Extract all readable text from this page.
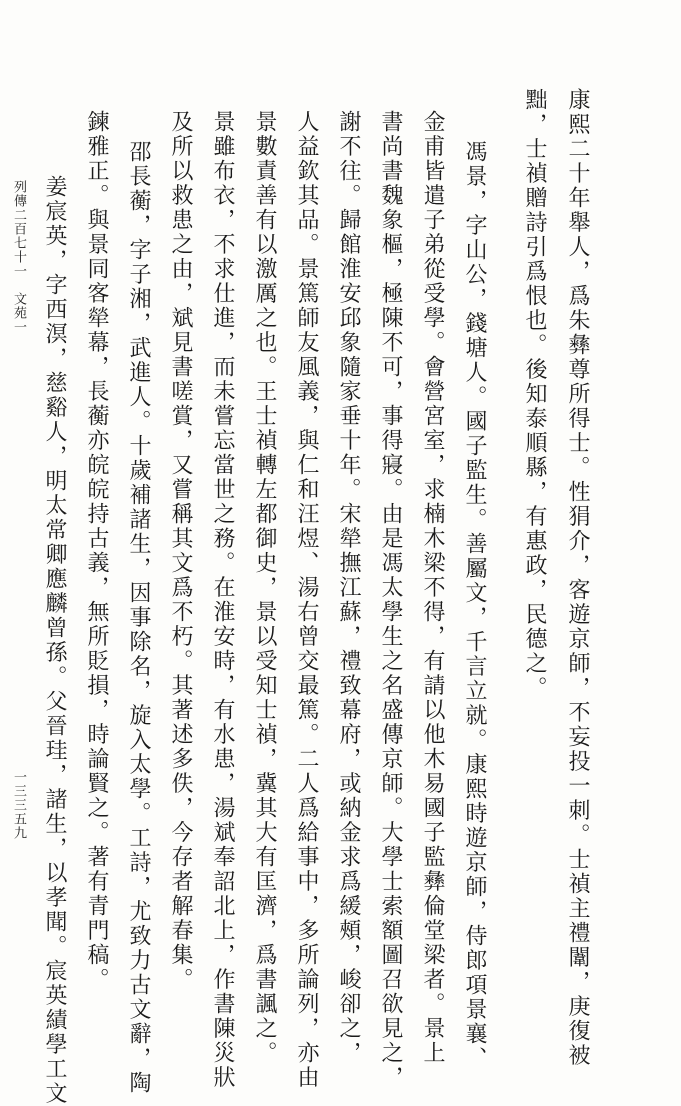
康熙二十年舉人，爲朱彝尊所得士。性狷介，客遊京師，不妄投一刺。士禎主禮闈，庚復被
黜，士禎贈詩引爲恨也。後知泰順縣，有惠政，民德之。
馮景，字山公，錢塘人。國子監生。善屬文，千言立就。康熙時遊京師，侍郎項景襄、
金甫皆遣子弟從受學。會營宮室，求楠木梁不得，有請以他木易國子監彝倫堂梁者。景上
書尚書魏象樞，極陳不可，事得寢。由是馮太學生之名盛傳京師。大學士索額圖召欲見之，
謝不往。歸館淮安邱象隨家垂十年。宋犖撫江蘇，禮致幕府，或納金求爲緩頰，峻卻之，
人益欽其品。景篤師友風義，與仁和汪煜、湯右曾交最篤。二人爲給事中，多所論列，亦由
景數責善有以激厲之也。王士禎轉左都御史，景以受知士禎，冀其大有匡濟，爲書諷之。
景雖布衣，不求仕進，而未嘗忘當世之務。在淮安時，有水患，湯斌奉詔北上，作書陳災狀
及所以救患之由，斌見書嗟賞，又嘗稱其文爲不朽。其著述多佚，今存者解春集。
邵長蘅，字子湘，武進人。十歲補諸生，因事除名，旋入太學。工詩，尤致力古文辭，陶
鍊雅正。與景同客犖幕，長蘅亦皖皖持古義，無所貶損，時論賢之。著有青門稿。
姜宸英，字西溟，慈谿人，明太常卿應麟曾孫。父晉珪，諸生，以孝聞。宸英績學工文
列傳二百七十一　文苑一
一三三五九
